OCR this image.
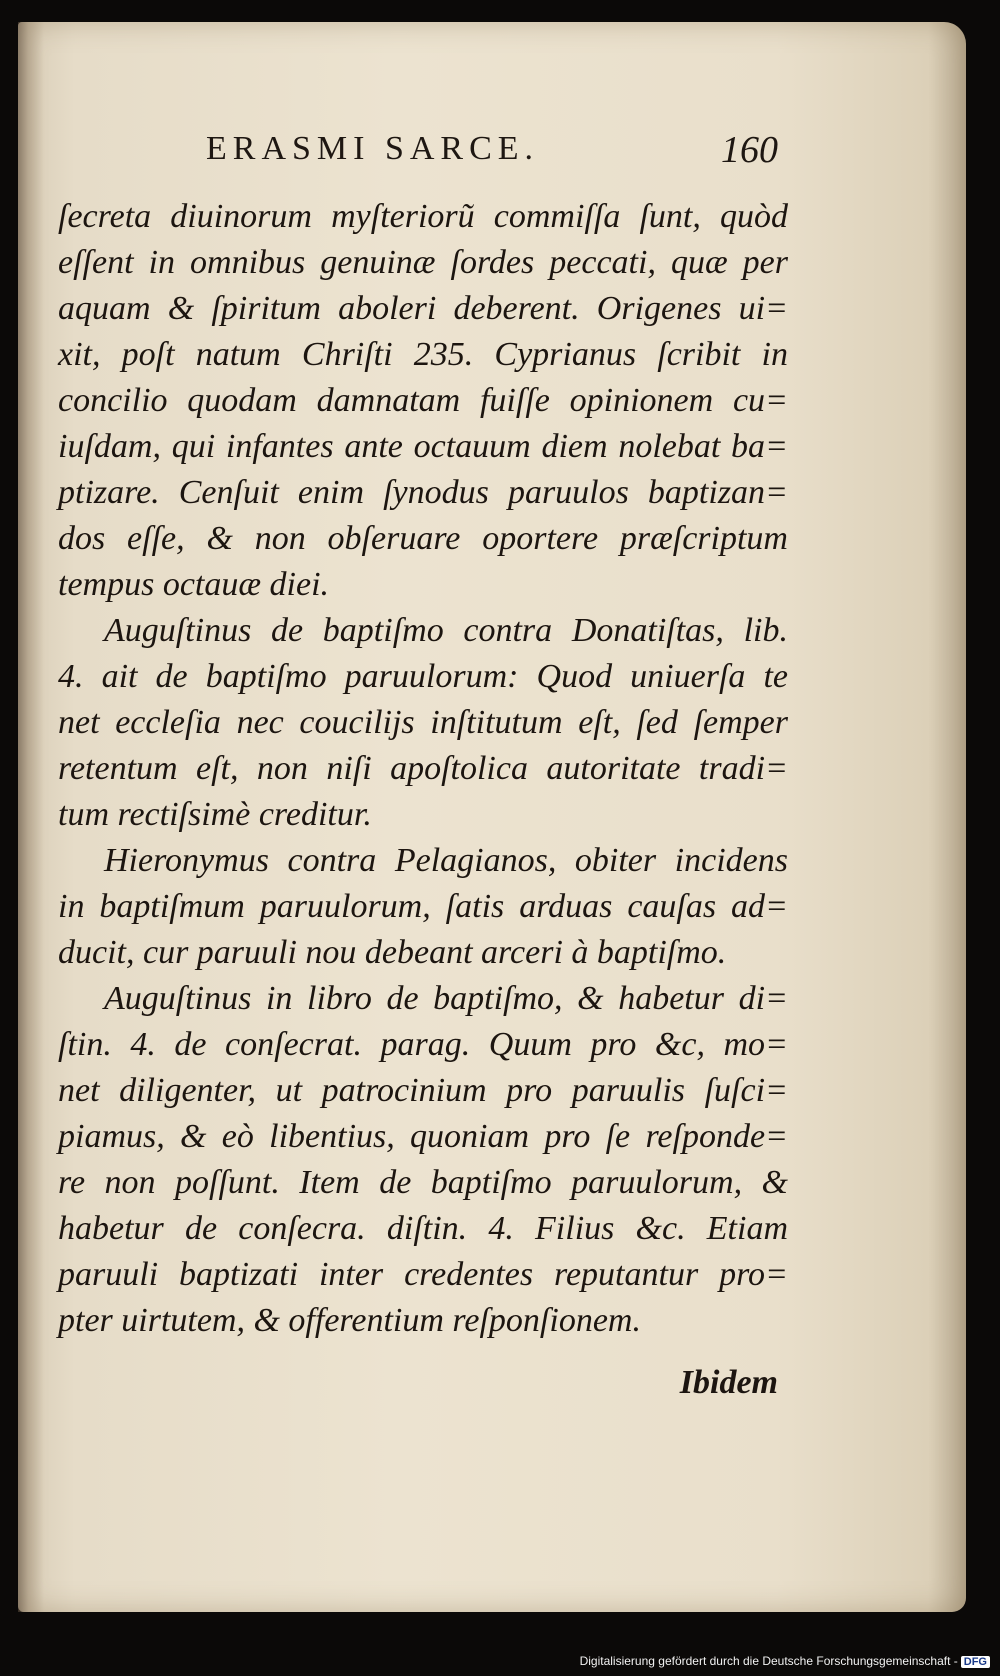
ERASMI SARCE.	160
ſecreta diuinorum myſteriorũ commiſſa ſunt, quòd
eſſent in omnibus genuinæ ſordes peccati, quæ per
aquam & ſpiritum aboleri deberent. Origenes ui=
xit, poſt natum Chriſti 235. Cyprianus ſcribit in
concilio quodam damnatam fuiſſe opinionem cu=
iuſdam, qui infantes ante octauum diem nolebat ba=
ptizare. Cenſuit enim ſynodus paruulos baptizan=
dos eſſe, & non obſeruare oportere præſcriptum
tempus octauæ diei.
Auguſtinus de baptiſmo contra Donatiſtas, lib.
4. ait de baptiſmo paruulorum: Quod uniuerſa te
net eccleſia nec coucilijs inſtitutum eſt, ſed ſemper
retentum eſt, non niſi apoſtolica autoritate tradi=
tum rectiſsimè creditur.
Hieronymus contra Pelagianos, obiter incidens
in baptiſmum paruulorum, ſatis arduas cauſas ad=
ducit, cur paruuli nou debeant arceri à baptiſmo.
Auguſtinus in libro de baptiſmo, & habetur di=
ſtin. 4. de conſecrat. parag. Quum pro &c, mo=
net diligenter, ut patrocinium pro paruulis ſuſci=
piamus, & eò libentius, quoniam pro ſe reſponde=
re non poſſunt. Item de baptiſmo paruulorum, &
habetur de conſecra. diſtin. 4. Filius &c. Etiam
paruuli baptizati inter credentes reputantur pro=
pter uirtutem, & offerentium reſponſionem.
Ibidem
Digitalisierung gefördert durch die Deutsche Forschungsgemeinschaft - DFG
